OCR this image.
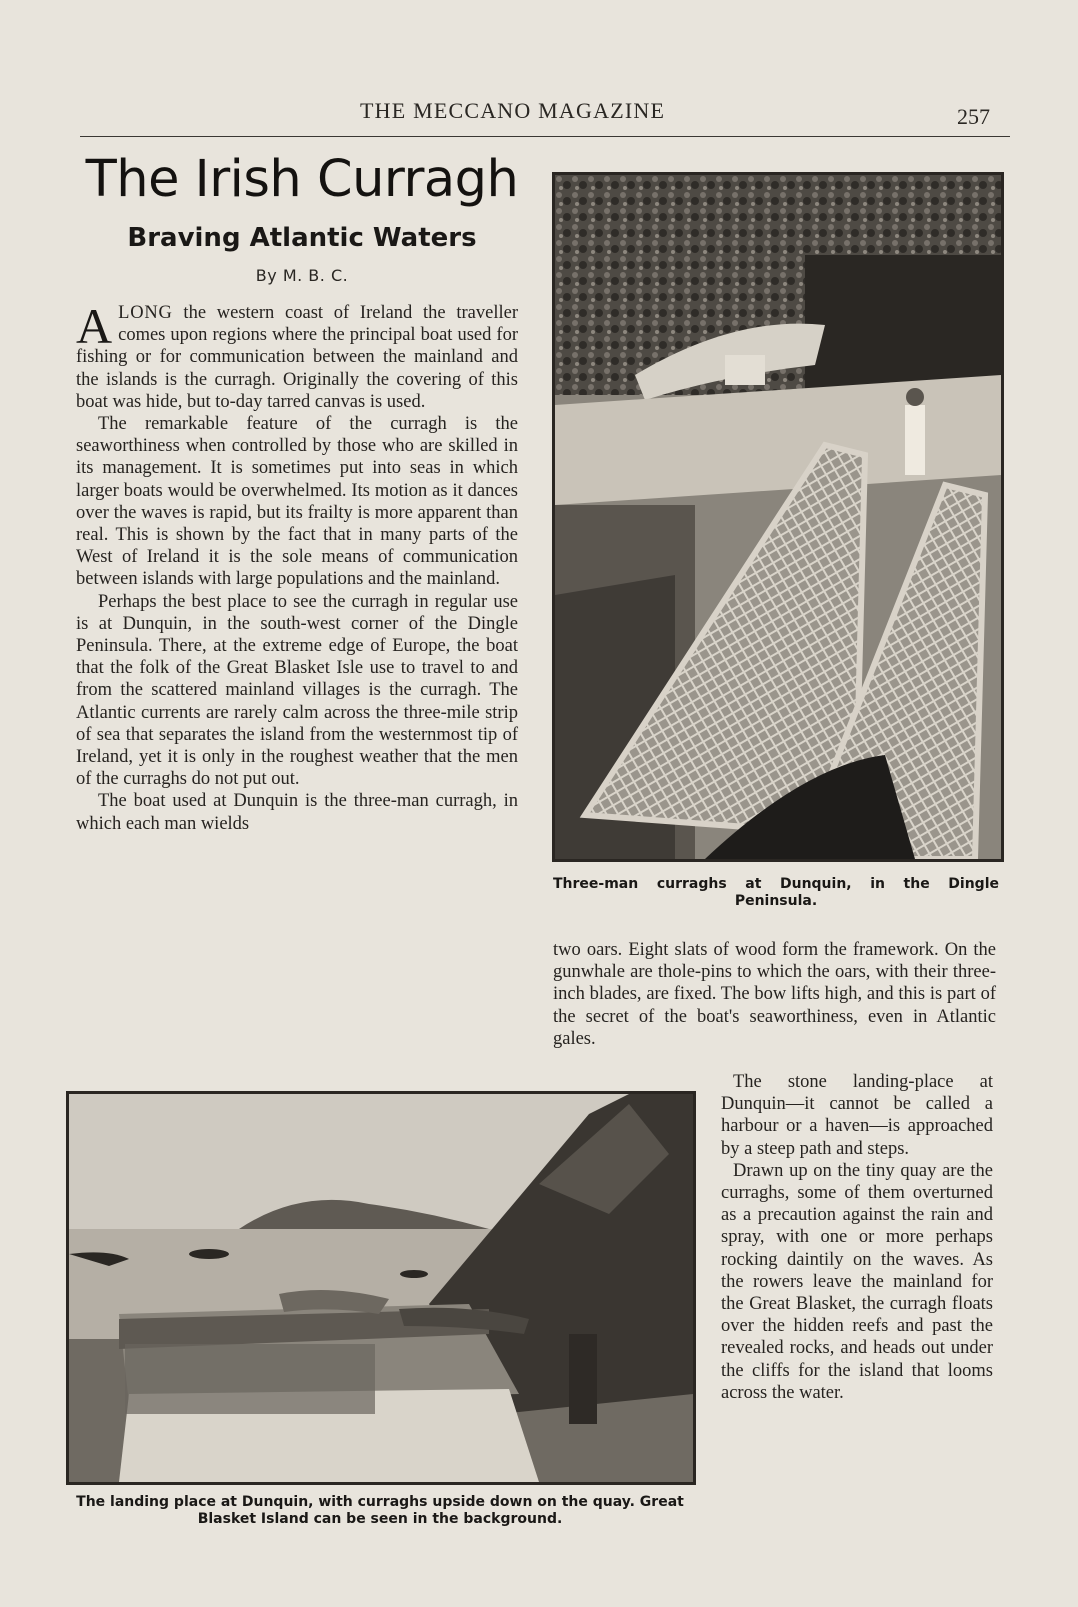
THE MECCANO MAGAZINE	257
The Irish Curragh
Braving Atlantic Waters
By M. B. C.

ALONG the western coast of Ireland the traveller comes upon regions where the principal boat used for fishing or for communication between the mainland and the islands is the curragh. Originally the covering of this boat was hide, but to-day tarred canvas is used.

The remarkable feature of the curragh is the seaworthiness when controlled by those who are skilled in its management. It is sometimes put into seas in which larger boats would be overwhelmed. Its motion as it dances over the waves is rapid, but its frailty is more apparent than real. This is shown by the fact that in many parts of the West of Ireland it is the sole means of communication between islands with large populations and the mainland.

Perhaps the best place to see the curragh in regular use is at Dunquin, in the south-west corner of the Dingle Peninsula. There, at the extreme edge of Europe, the boat that the folk of the Great Blasket Isle use to travel to and from the scattered mainland villages is the curragh. The Atlantic currents are rarely calm across the three-mile strip of sea that separates the island from the westernmost tip of Ireland, yet it is only in the roughest weather that the men of the curraghs do not put out.

The boat used at Dunquin is the three-man curragh, in which each man wields

Three-man curraghs at Dunquin, in the Dingle Peninsula.

two oars. Eight slats of wood form the framework. On the gunwhale are thole-pins to which the oars, with their three-inch blades, are fixed. The bow lifts high, and this is part of the secret of the boat's seaworthiness, even in Atlantic gales.

The landing place at Dunquin, with curraghs upside down on the quay. Great Blasket Island can be seen in the background.

The stone landing-place at Dunquin—it cannot be called a harbour or a haven—is approached by a steep path and steps.

Drawn up on the tiny quay are the curraghs, some of them overturned as a precaution against the rain and spray, with one or more perhaps rocking daintily on the waves. As the rowers leave the mainland for the Great Blasket, the curragh floats over the hidden reefs and past the revealed rocks, and heads out under the cliffs for the island that looms across the water.
